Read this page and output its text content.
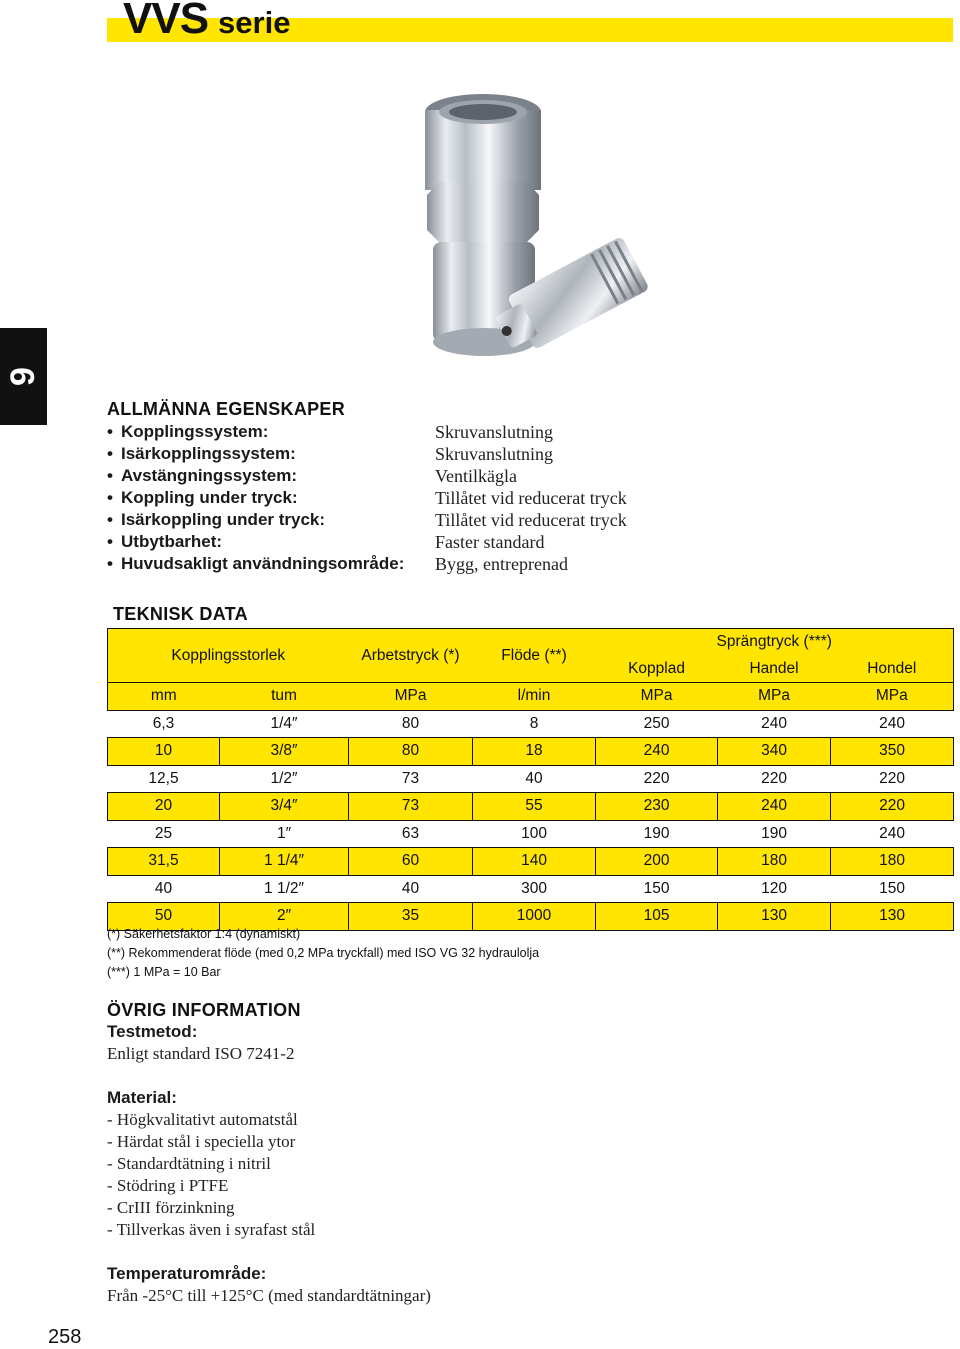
VVS serie
9
ALLMÄNNA EGENSKAPER
• Kopplingssystem:	Skruvanslutning
• Isärkopplingssystem:	Skruvanslutning
• Avstängningssystem:	Ventilkägla
• Koppling under tryck:	Tillåtet vid reducerat tryck
• Isärkoppling under tryck:	Tillåtet vid reducerat tryck
• Utbytbarhet:	Faster standard
• Huvudsakligt användningsområde: Bygg, entreprenad
TEKNISK DATA
Kopplingsstorlek		Arbetstryck (*)	Flöde (**)	Sprängtryck (***)		
				Kopplad	Handel	Hondel
mm	tum	MPa	l/min	MPa	MPa	MPa
6,3	1/4″	80	8	250	240	240
10	3/8″	80	18	240	340	350
12,5	1/2″	73	40	220	220	220
20	3/4″	73	55	230	240	220
25	1″	63	100	190	190	240
31,5	1 1/4″	60	140	200	180	180
40	1 1/2″	40	300	150	120	150
50	2″	35	1000	105	130	130
(*) Säkerhetsfaktor 1:4 (dynamiskt)
(**) Rekommenderat flöde (med 0,2 MPa tryckfall) med ISO VG 32 hydraulolja
(***) 1 MPa = 10 Bar
ÖVRIG INFORMATION
Testmetod:
Enligt standard ISO 7241-2
Material:
- Högkvalitativt automatstål
- Härdat stål i speciella ytor
- Standardtätning i nitril
- Stödring i PTFE
- CrIII förzinkning
- Tillverkas även i syrafast stål
Temperaturområde:
Från -25°C till +125°C (med standardtätningar)
258
